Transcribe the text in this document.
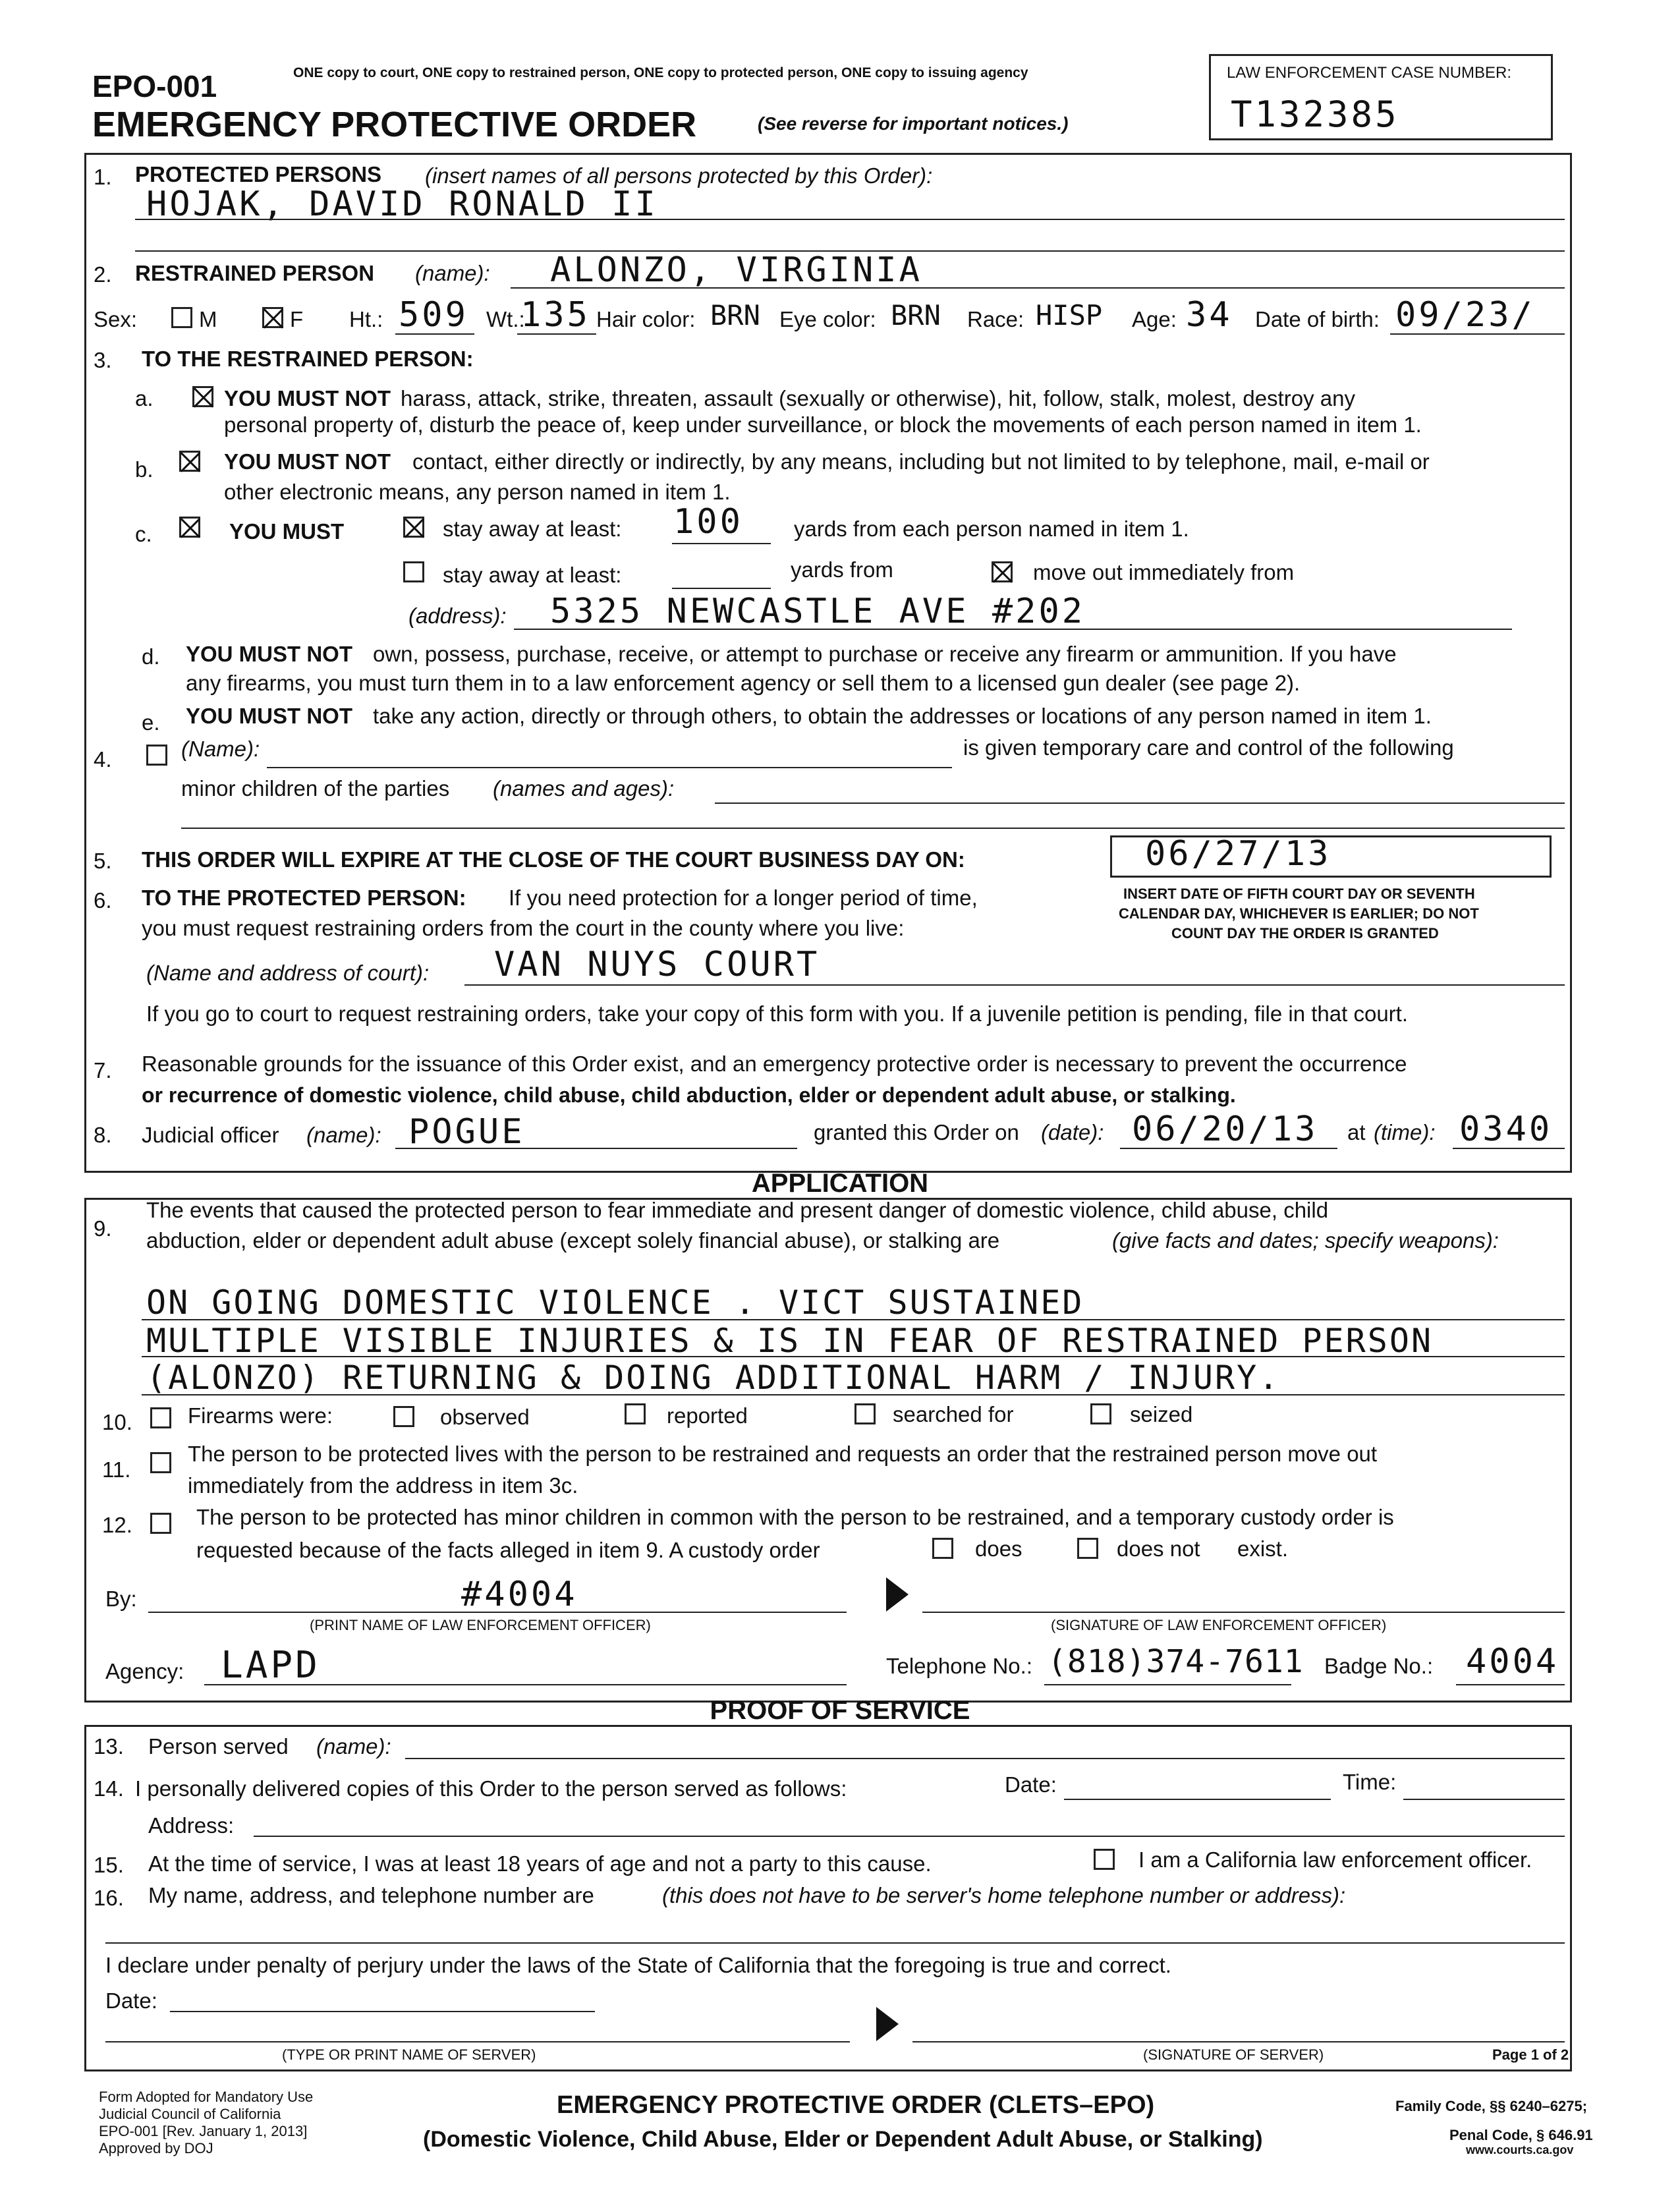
EPO-001	ONE copy to court, ONE copy to restrained person, ONE copy to protected person, ONE copy to issuing agency
EMERGENCY PROTECTIVE ORDER	(See reverse for important notices.)
LAW ENFORCEMENT CASE NUMBER:
T132385
1. PROTECTED PERSONS (insert names of all persons protected by this Order):
HOJAK, DAVID RONALD II
2. RESTRAINED PERSON (name): ALONZO, VIRGINIA
Sex:	M	F Ht.: 509 Wt.:
135 Hair color: BRN Eye color: BRN Race: HISP Age: 34 Date of birth: 09/23/
3. TO THE RESTRAINED PERSON:
a.	YOU MUST NOT harass, attack, strike, threaten, assault (sexually or otherwise), hit, follow, stalk, molest, destroy any
personal property of, disturb the peace of, keep under surveillance, or block the movements of each person named in item 1.
b.	YOU MUST NOT contact, either directly or indirectly, by any means, including but not limited to by telephone, mail, e-mail or
other electronic means, any person named in item 1.
c.	YOU MUST	stay away at least: 100 yards from each person named in item 1.
stay away at least:	yards from	move out immediately from
(address): 5325 NEWCASTLE AVE #202
d. YOU MUST NOT own, possess, purchase, receive, or attempt to purchase or receive any firearm or ammunition. If you have
any firearms, you must turn them in to a law enforcement agency or sell them to a licensed gun dealer (see page 2).
e. YOU MUST NOT take any action, directly or through others, to obtain the addresses or locations of any person named in item 1.
4.	(Name):	is given temporary care and control of the following
minor children of the parties (names and ages):
5. THIS ORDER WILL EXPIRE AT THE CLOSE OF THE COURT BUSINESS DAY ON:	06/27/13
INSERT DATE OF FIFTH COURT DAY OR SEVENTH
CALENDAR DAY, WHICHEVER IS EARLIER; DO NOT
COUNT DAY THE ORDER IS GRANTED
6. TO THE PROTECTED PERSON: If you need protection for a longer period of time,
you must request restraining orders from the court in the county where you live:
(Name and address of court): VAN NUYS COURT
If you go to court to request restraining orders, take your copy of this form with you. If a juvenile petition is pending, file in that court.
7. Reasonable grounds for the issuance of this Order exist, and an emergency protective order is necessary to prevent the occurrence
or recurrence of domestic violence, child abuse, child abduction, elder or dependent adult abuse, or stalking.
8. Judicial officer (name): POGUE	granted this Order on (date): 06/20/13 at (time): 0340
APPLICATION
9.
The events that caused the protected person to fear immediate and present danger of domestic violence, child abuse, child
abduction, elder or dependent adult abuse (except solely financial abuse), or stalking are	(give facts and dates; specify weapons):
ON GOING DOMESTIC VIOLENCE . VICT SUSTAINED
MULTIPLE VISIBLE INJURIES & IS IN FEAR OF RESTRAINED PERSON
(ALONZO) RETURNING & DOING ADDITIONAL HARM / INJURY.
10.	Firearms were:	observed	reported	searched for	seized
11.
The person to be protected lives with the person to be restrained and requests an order that the restrained person move out
immediately from the address in item 3c.
12.	The person to be protected has minor children in common with the person to be restrained, and a temporary custody order is
requested because of the facts alleged in item 9. A custody order	does	does not exist.
By:	#4004
(PRINT NAME OF LAW ENFORCEMENT OFFICER)	(SIGNATURE OF LAW ENFORCEMENT OFFICER)
Agency: LAPD	Telephone No.: (818)374-7611 Badge No.: 4004
PROOF OF SERVICE
13. Person served (name):
14. I personally delivered copies of this Order to the person served as follows:	Date:	Time:
Address:
15. At the time of service, I was at least 18 years of age and not a party to this cause.	I am a California law enforcement officer.
16. My name, address, and telephone number are	(this does not have to be server's home telephone number or address):
I declare under penalty of perjury under the laws of the State of California that the foregoing is true and correct.
Date:
(TYPE OR PRINT NAME OF SERVER)	(SIGNATURE OF SERVER)	Page 1 of 2
Form Adopted for Mandatory Use
Judicial Council of California
EPO-001 [Rev. January 1, 2013]
Approved by DOJ
EMERGENCY PROTECTIVE ORDER (CLETS–EPO)
(Domestic Violence, Child Abuse, Elder or Dependent Adult Abuse, or Stalking)
Family Code, §§ 6240–6275;
Penal Code, § 646.91
www.courts.ca.gov
